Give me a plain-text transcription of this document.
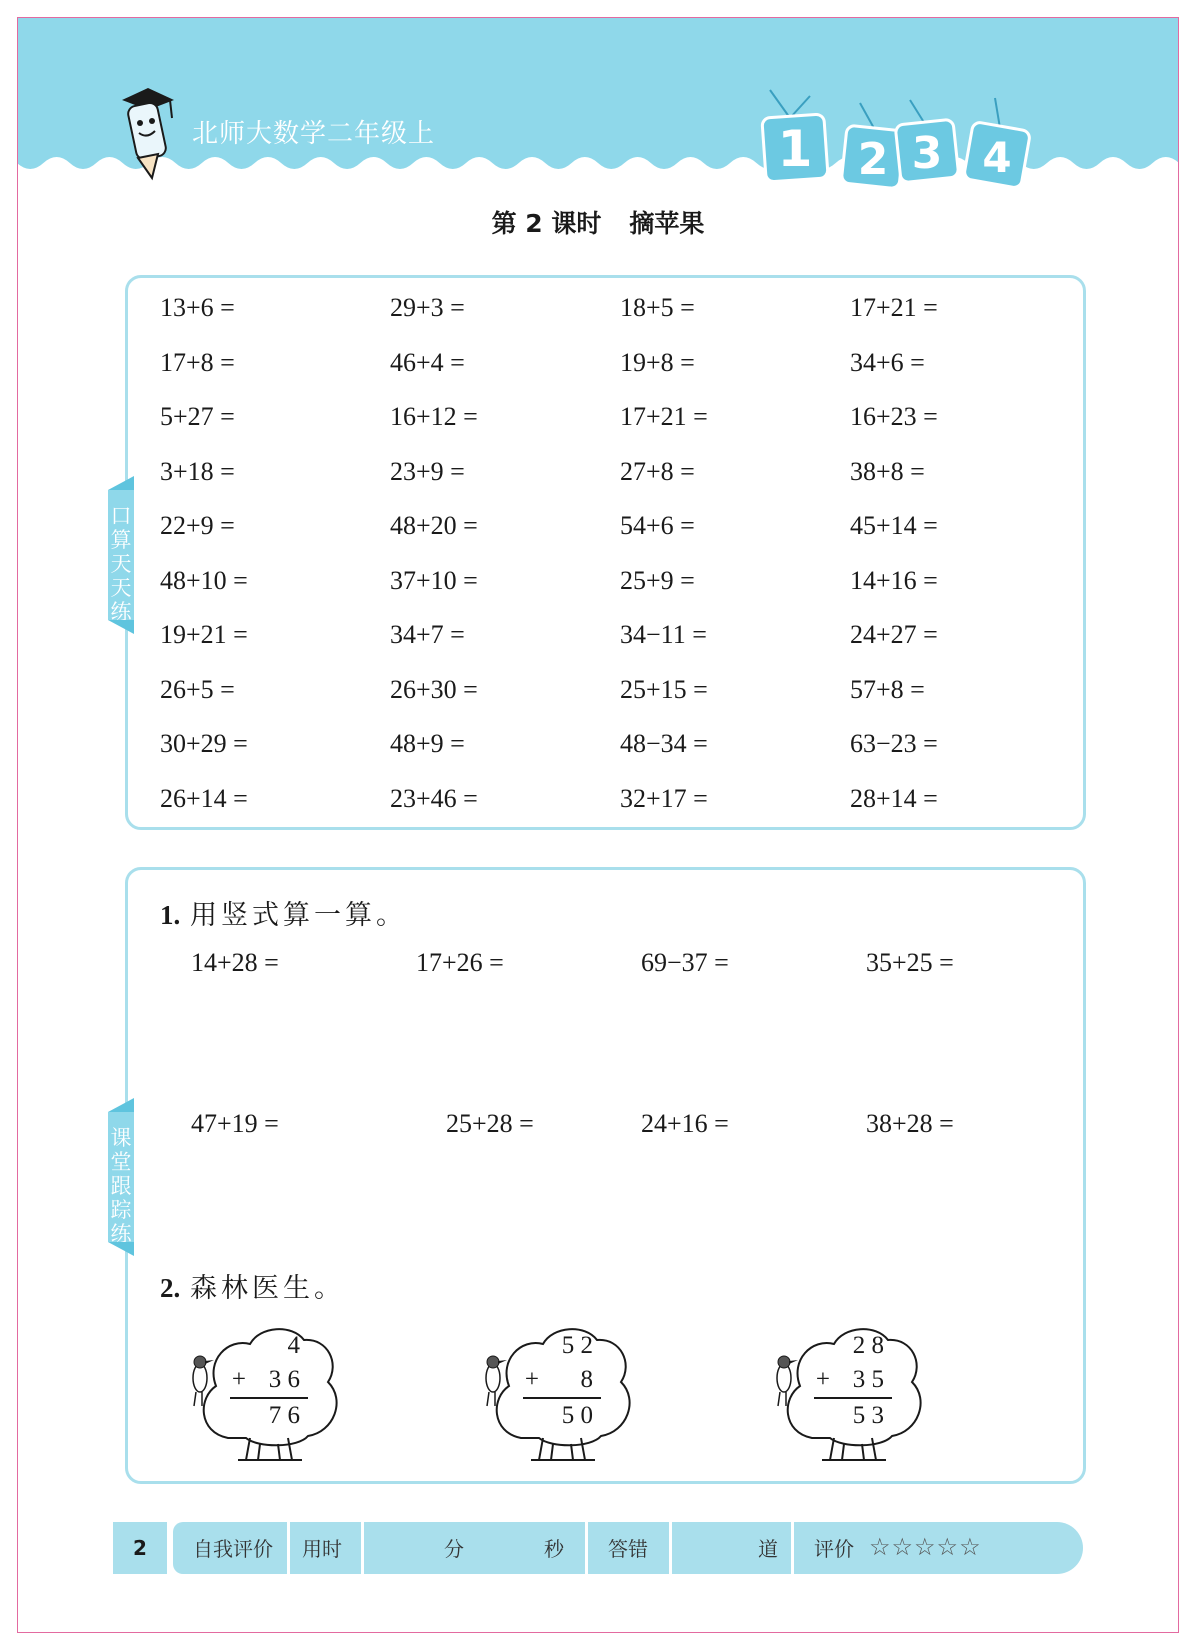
北师大数学二年级上	1 2 3 4
第 2 课时 摘苹果
口算天天练
13+6 =	29+3 =	18+5 =	17+21 =
17+8 =	46+4 =	19+8 =	34+6 =
5+27 =	16+12 =	17+21 =	16+23 =
3+18 =	23+9 =	27+8 =	38+8 =
22+9 =	48+20 =	54+6 =	45+14 =
48+10 =	37+10 =	25+9 =	14+16 =
19+21 =	34+7 =	34−11 =	24+27 =
26+5 =	26+30 =	25+15 =	57+8 =
30+29 =	48+9 =	48−34 =	63−23 =
26+14 =	23+46 =	32+17 =	28+14 =
课堂跟踪练
1. 用竖式算一算。
14+28 =	17+26 =	69−37 =	35+25 =
47+19 =	25+28 =	24+16 =	38+28 =
2. 森林医生。
4
+ 3 6
7 6
5 2
+	8
5 0
2 8
+ 3 5
5 3
2	自我评价	用时	分	秒	答错	道	评价 ☆☆☆☆☆
